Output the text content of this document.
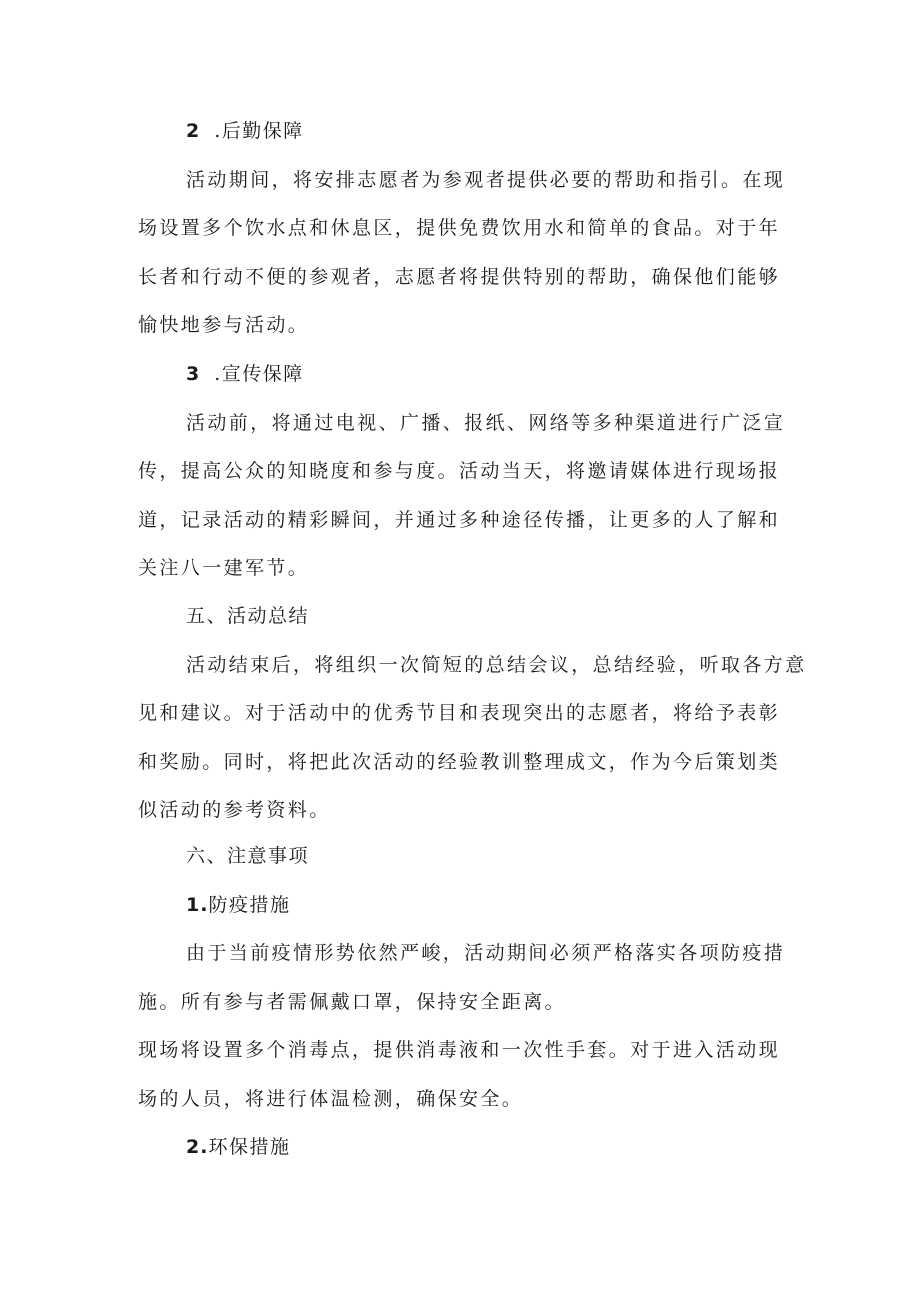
2 .后勤保障
活动期间，将安排志愿者为参观者提供必要的帮助和指引。在现
场设置多个饮水点和休息区，提供免费饮用水和简单的食品。对于年
长者和行动不便的参观者，志愿者将提供特别的帮助，确保他们能够
愉快地参与活动。
3 .宣传保障
活动前，将通过电视、广播、报纸、网络等多种渠道进行广泛宣
传，提高公众的知晓度和参与度。活动当天，将邀请媒体进行现场报
道，记录活动的精彩瞬间，并通过多种途径传播，让更多的人了解和
关注八一建军节。
五、活动总结
活动结束后，将组织一次简短的总结会议，总结经验，听取各方意
见和建议。对于活动中的优秀节目和表现突出的志愿者，将给予表彰
和奖励。同时，将把此次活动的经验教训整理成文，作为今后策划类
似活动的参考资料。
六、注意事项
1.防疫措施
由于当前疫情形势依然严峻，活动期间必须严格落实各项防疫措
施。所有参与者需佩戴口罩，保持安全距离。
现场将设置多个消毒点，提供消毒液和一次性手套。对于进入活动现
场的人员，将进行体温检测，确保安全。
2.环保措施
